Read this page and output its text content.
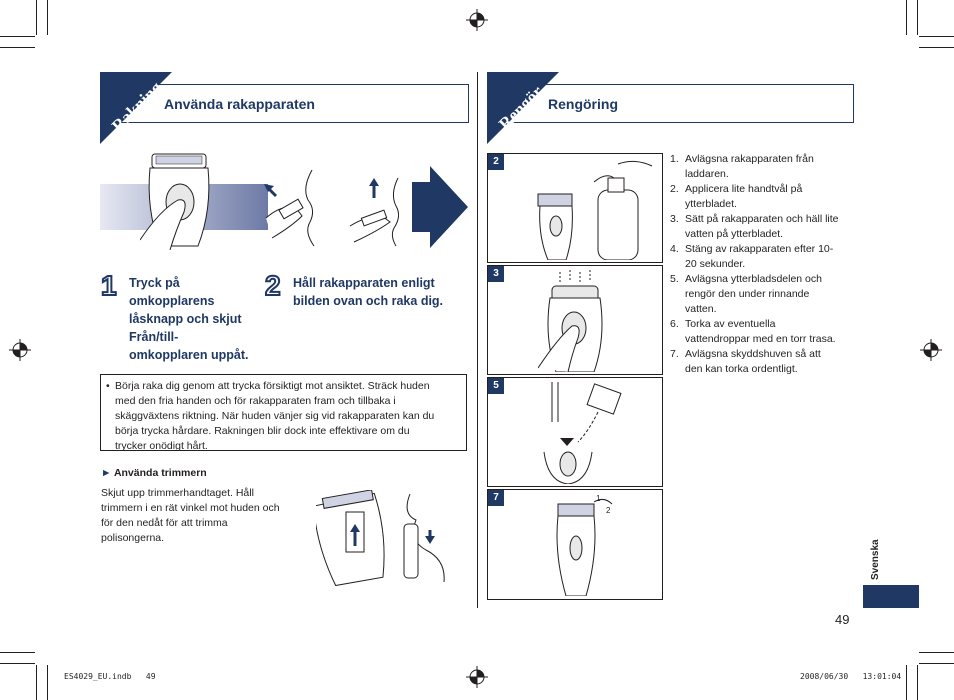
Rakning
Använda rakapparaten
1 Tryck på
omkopplarens
låsknapp och skjut
Från/till-
omkopplaren uppåt.
2 Håll rakapparaten enligt
bilden ovan och raka dig.
• Börja raka dig genom att trycka försiktigt mot ansiktet. Sträck huden
med den fria handen och för rakapparaten fram och tillbaka i
skäggväxtens riktning. När huden vänjer sig vid rakapparaten kan du
börja trycka hårdare. Rakningen blir dock inte effektivare om du
trycker onödigt hårt.
► Använda trimmern
Skjut upp trimmerhandtaget. Håll
trimmern i en rät vinkel mot huden och
för den nedåt för att trimma
polisongerna.
Rengör Rengöring
2
3
5
7	1
2
1. Avlägsna rakapparaten från
laddaren.
2. Applicera lite handtvål på
ytterbladet.
3. Sätt på rakapparaten och häll lite
vatten på ytterbladet.
4. Stäng av rakapparaten efter 10-
20 sekunder.
5. Avlägsna ytterbladsdelen och
rengör den under rinnande
vatten.
6. Torka av eventuella
vattendroppar med en torr trasa.
7. Avlägsna skyddshuven så att
den kan torka ordentligt.
Svenska
49
ES4029_EU.indb   49	2008/06/30   13:01:04
